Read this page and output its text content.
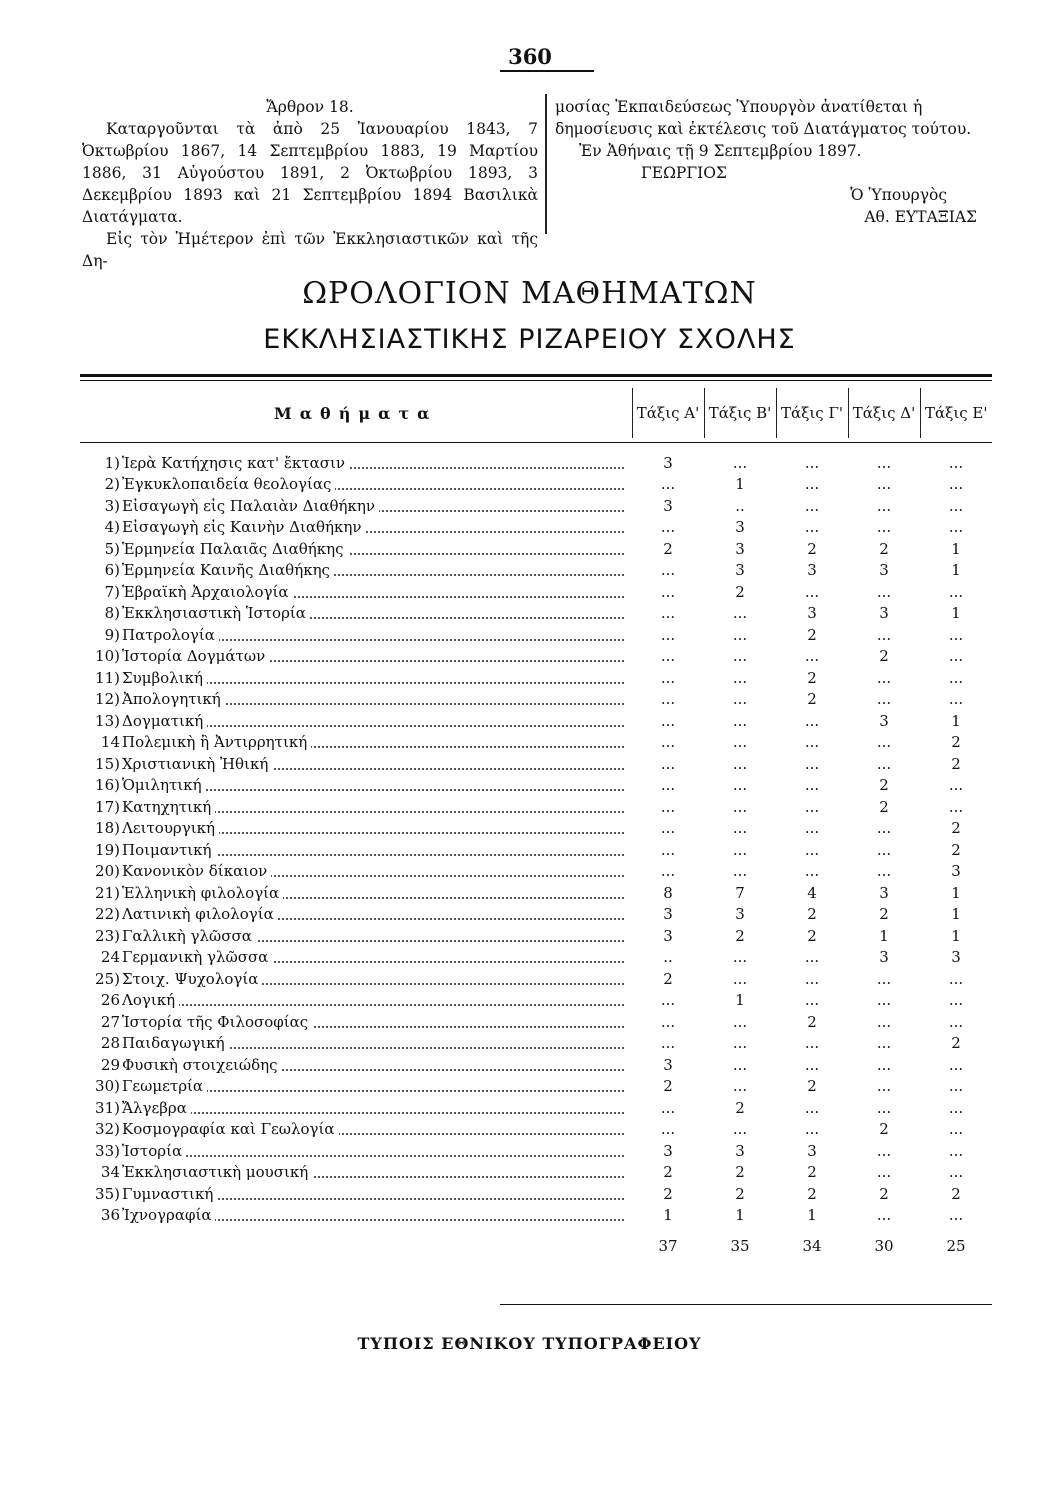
360

Ἄρθρον 18.

Καταργοῦνται τὰ ἀπὸ 25 Ἰανουαρίου 1843, 7 Ὀκτωβρίου 1867, 14 Σεπτεμβρίου 1883, 19 Μαρτίου 1886, 31 Αὐγούστου 1891, 2 Ὀκτωβρίου 1893, 3 Δεκεμβρίου 1893 καὶ 21 Σεπτεμβρίου 1894 Βασιλικὰ Διατάγματα.

Εἰς τὸν Ἡμέτερον ἐπὶ τῶν Ἐκκλησιαστικῶν καὶ τῆς Δη-

μοσίας Ἐκπαιδεύσεως Ὑπουργὸν ἀνατίθεται ἡ δημοσίευσις καὶ ἐκτέλεσις τοῦ Διατάγματος τούτου.

Ἐν Ἀθήναις τῇ 9 Σεπτεμβρίου 1897.

ΓΕΩΡΓΙΟΣ

Ὁ Ὑπουργὸς

Αθ. ΕΥΤΑΞΙΑΣ

ΩΡΟΛΟΓΙΟΝ ΜΑΘΗΜΑΤΩΝ
ΕΚΚΛΗΣΙΑΣΤΙΚΗΣ ΡΙΖΑΡΕΙΟΥ ΣΧΟΛΗΣ
Μαθήματα		Τάξις Α'	Τάξις Β'	Τάξις Γ'	Τάξις Δ'	Τάξις Ε'

1)	Ἱερὰ Κατήχησις κατ' ἔκτασιν	3	...	...	...	...
2)	Ἐγκυκλοπαιδεία θεολογίας	...	1	...	...	...
3)	Εἰσαγωγὴ εἰς Παλαιὰν Διαθήκην	3	..	...	...	...
4)	Εἰσαγωγὴ εἰς Καινὴν Διαθήκην	...	3	...	...	...
5)	Ἑρμηνεία Παλαιᾶς Διαθήκης	2	3	2	2	1
6)	Ἑρμηνεία Καινῆς Διαθήκης	...	3	3	3	1
7)	Ἑβραϊκὴ Ἀρχαιολογία	...	2	...	...	...
8)	Ἐκκλησιαστικὴ Ἱστορία	...	...	3	3	1
9)	Πατρολογία	...	...	2	...	...
10)	Ἱστορία Δογμάτων	...	...	...	2	...
11)	Συμβολική	...	...	2	...	...
12)	Ἀπολογητική	...	...	2	...	...
13)	Δογματική	...	...	...	3	1
14	Πολεμικὴ ἢ Ἀντιρρητική	...	...	...	...	2
15)	Χριστιανικὴ Ἠθική	...	...	...	...	2
16)	Ὁμιλητική	...	...	...	2	...
17)	Κατηχητική	...	...	...	2	...
18)	Λειτουργική	...	...	...	...	2
19)	Ποιμαντική	...	...	...	...	2
20)	Κανονικὸν δίκαιον	...	...	...	...	3
21)	Ἑλληνικὴ φιλολογία	8	7	4	3	1
22)	Λατινικὴ φιλολογία	3	3	2	2	1
23)	Γαλλικὴ γλῶσσα	3	2	2	1	1
24	Γερμανικὴ γλῶσσα	..	...	...	3	3
25)	Στοιχ. Ψυχολογία	2	...	...	...	...
26	Λογική	...	1	...	...	...
27	Ἱστορία τῆς Φιλοσοφίας	...	...	2	...	...
28	Παιδαγωγική	...	...	...	...	2
29	Φυσικὴ στοιχειώδης	3	...	...	...	...
30)	Γεωμετρία	2	...	2	...	...
31)	Ἄλγεβρα	...	2	...	...	...
32)	Κοσμογραφία καὶ Γεωλογία	...	...	...	2	...
33)	Ἱστορία	3	3	3	...	...
34	Ἐκκλησιαστικὴ μουσική	2	2	2	...	...
35)	Γυμναστική	2	2	2	2	2
36	Ἰχνογραφία	1	1	1	...	...
		37	35	34	30	25
ΤΥΠΟΙΣ ΕΘΝΙΚΟΥ ΤΥΠΟΓΡΑΦΕΙΟΥ
